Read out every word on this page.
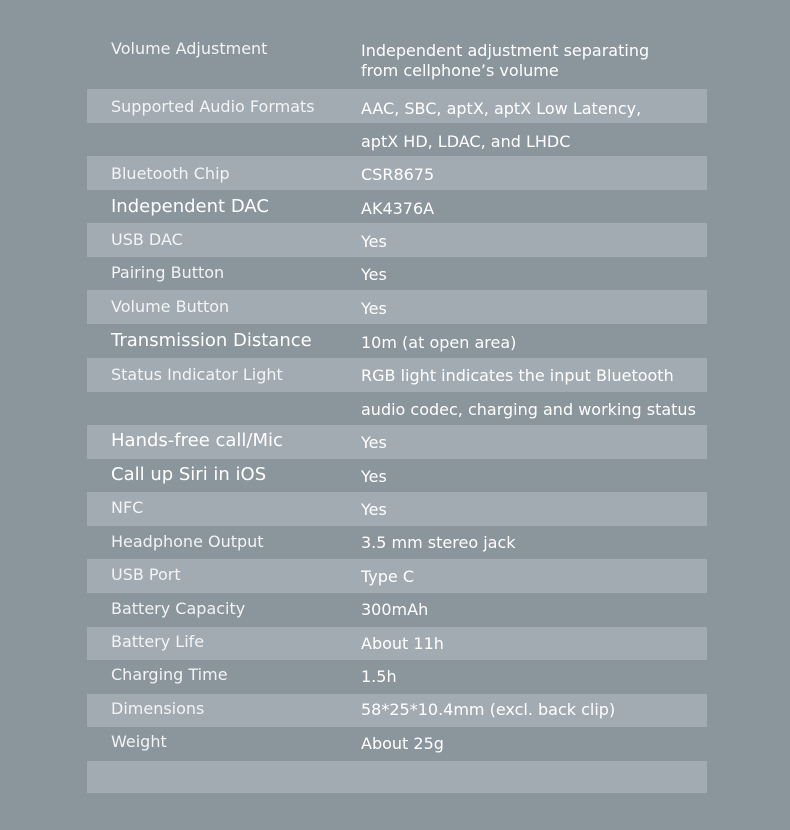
Volume Adjustment	Independent adjustment separating
from cellphone’s volume
Supported Audio Formats	AAC, SBC, aptX, aptX Low Latency,
aptX HD, LDAC, and LHDC
Bluetooth Chip	CSR8675
Independent DAC	AK4376A
USB DAC	Yes
Pairing Button	Yes
Volume Button	Yes
Transmission Distance	10m (at open area)
Status Indicator Light	RGB light indicates the input Bluetooth
audio codec, charging and working status
Hands-free call/Mic	Yes
Call up Siri in iOS	Yes
NFC	Yes
Headphone Output	3.5 mm stereo jack
USB Port	Type C
Battery Capacity	300mAh
Battery Life	About 11h
Charging Time	1.5h
Dimensions	58*25*10.4mm (excl. back clip)
Weight	About 25g
